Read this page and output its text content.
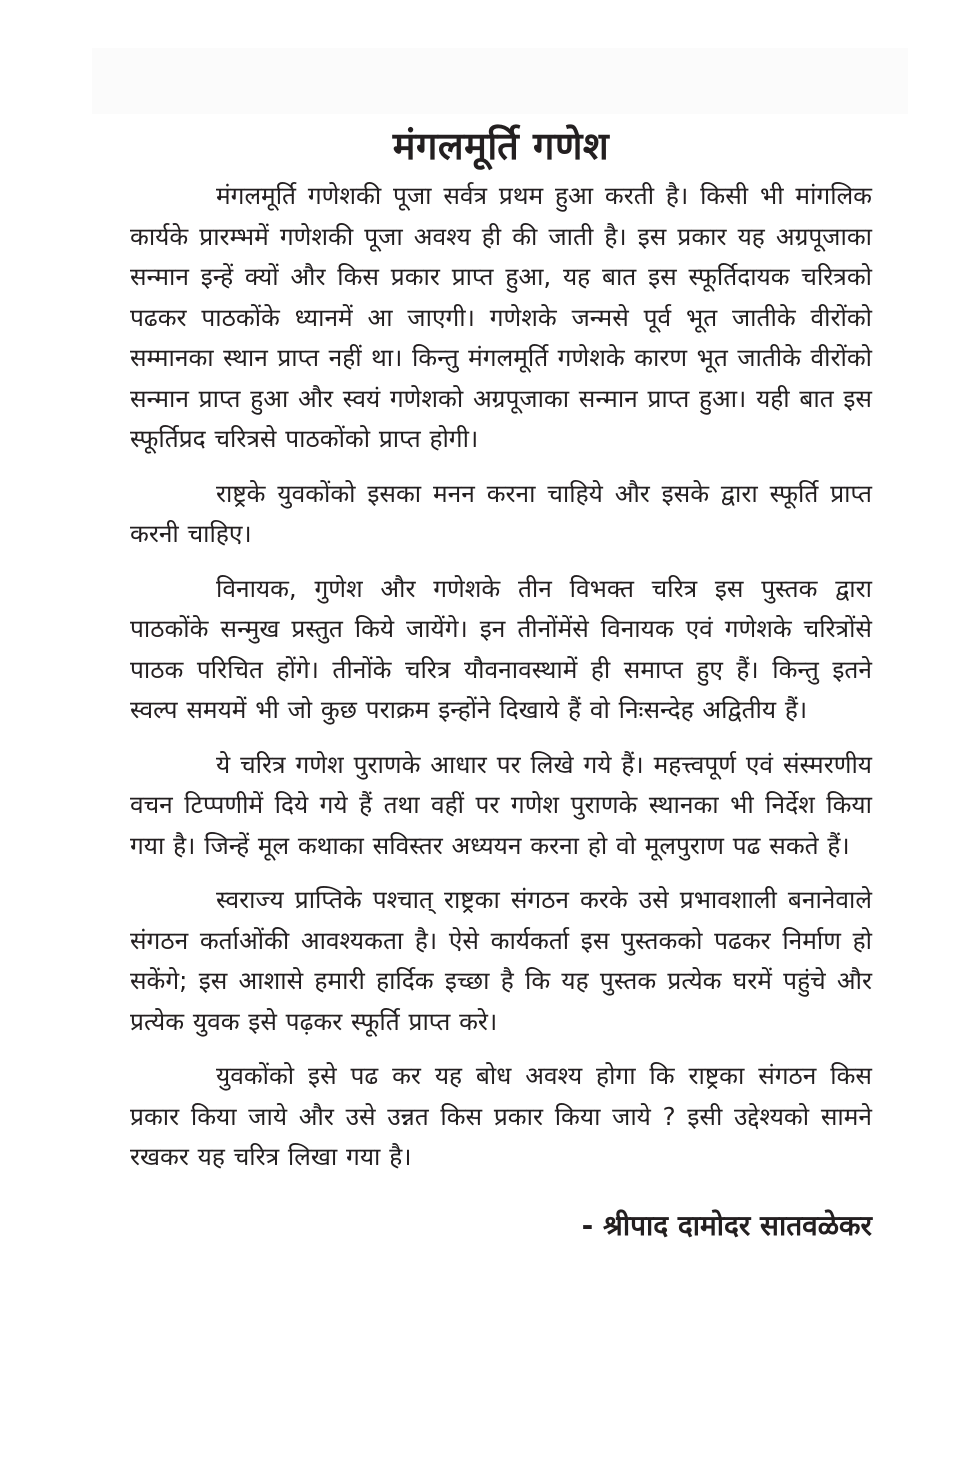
मंगलमूर्ति गणेश

मंगलमूर्ति गणेशकी पूजा सर्वत्र प्रथम हुआ करती है। किसी भी मांगलिक कार्यके प्रारम्भमें गणेशकी पूजा अवश्य ही की जाती है। इस प्रकार यह अग्रपूजाका सन्मान इन्हें क्यों और किस प्रकार प्राप्त हुआ, यह बात इस स्फूर्तिदायक चरित्रको पढकर पाठकोंके ध्यानमें आ जाएगी। गणेशके जन्मसे पूर्व भूत जातीके वीरोंको सम्मानका स्थान प्राप्त नहीं था। किन्तु मंगलमूर्ति गणेशके कारण भूत जातीके वीरोंको सन्मान प्राप्त हुआ और स्वयं गणेशको अग्रपूजाका सन्मान प्राप्त हुआ। यही बात इस स्फूर्तिप्रद चरित्रसे पाठकोंको प्राप्त होगी।

राष्ट्रके युवकोंको इसका मनन करना चाहिये और इसके द्वारा स्फूर्ति प्राप्त करनी चाहिए।

विनायक, गुणेश और गणेशके तीन विभक्त चरित्र इस पुस्तक द्वारा पाठकोंके सन्मुख प्रस्तुत किये जायेंगे। इन तीनोंमेंसे विनायक एवं गणेशके चरित्रोंसे पाठक परिचित होंगे। तीनोंके चरित्र यौवनावस्थामें ही समाप्त हुए हैं। किन्तु इतने स्वल्प समयमें भी जो कुछ पराक्रम इन्होंने दिखाये हैं वो निःसन्देह अद्वितीय हैं।

ये चरित्र गणेश पुराणके आधार पर लिखे गये हैं। महत्त्वपूर्ण एवं संस्मरणीय वचन टिप्पणीमें दिये गये हैं तथा वहीं पर गणेश पुराणके स्थानका भी निर्देश किया गया है। जिन्हें मूल कथाका सविस्तर अध्ययन करना हो वो मूलपुराण पढ सकते हैं।

स्वराज्य प्राप्तिके पश्चात् राष्ट्रका संगठन करके उसे प्रभावशाली बनानेवाले संगठन कर्ताओंकी आवश्यकता है। ऐसे कार्यकर्ता इस पुस्तकको पढकर निर्माण हो सकेंगे; इस आशासे हमारी हार्दिक इच्छा है कि यह पुस्तक प्रत्येक घरमें पहुंचे और प्रत्येक युवक इसे पढ़कर स्फूर्ति प्राप्त करे।

युवकोंको इसे पढ कर यह बोध अवश्य होगा कि राष्ट्रका संगठन किस प्रकार किया जाये और उसे उन्नत किस प्रकार किया जाये ? इसी उद्देश्यको सामने रखकर यह चरित्र लिखा गया है।

- श्रीपाद दामोदर सातवळेकर
